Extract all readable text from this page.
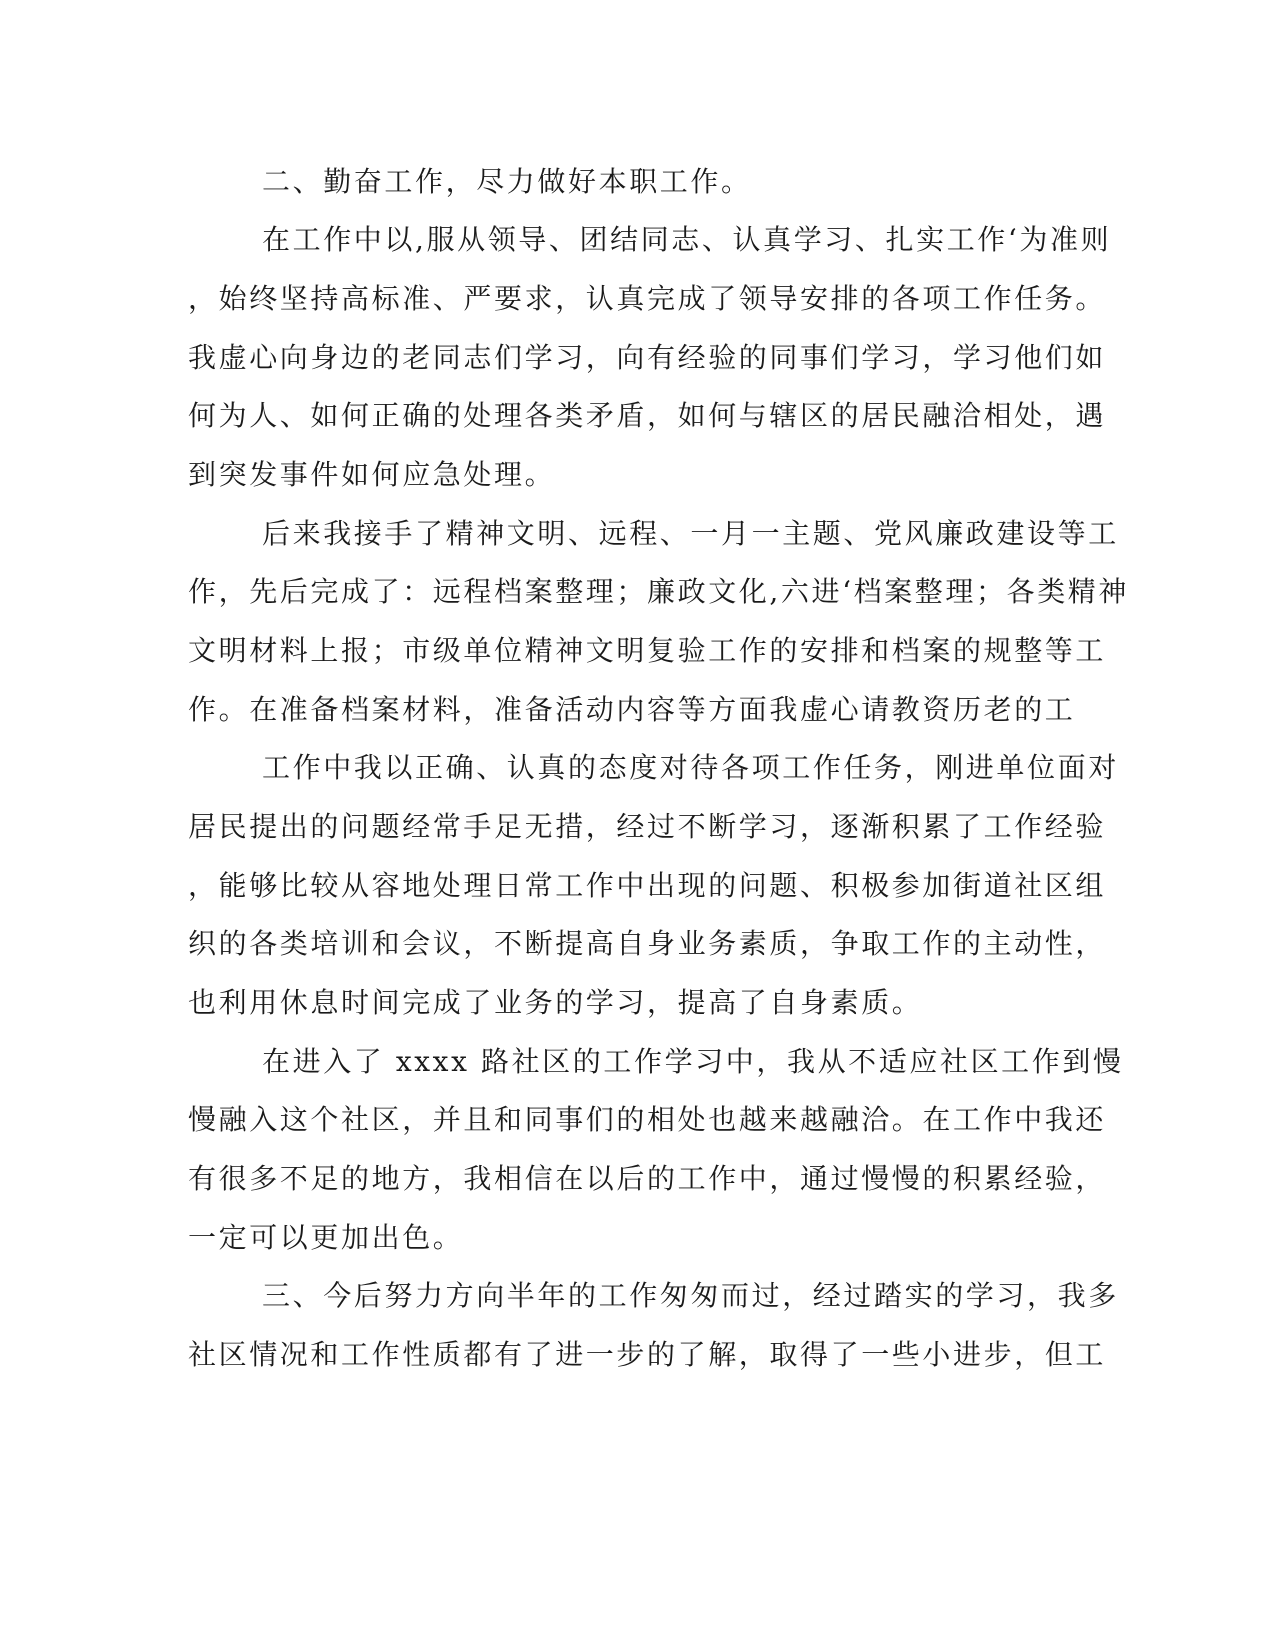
二、勤奋工作，尽力做好本职工作。
在工作中以,服从领导、团结同志、认真学习、扎实工作‘为准则
，始终坚持高标准、严要求，认真完成了领导安排的各项工作任务。
我虚心向身边的老同志们学习，向有经验的同事们学习，学习他们如
何为人、如何正确的处理各类矛盾，如何与辖区的居民融洽相处，遇
到突发事件如何应急处理。
后来我接手了精神文明、远程、一月一主题、党风廉政建设等工
作，先后完成了：远程档案整理；廉政文化,六进‘档案整理；各类精神
文明材料上报；市级单位精神文明复验工作的安排和档案的规整等工
作。在准备档案材料，准备活动内容等方面我虚心请教资历老的工
工作中我以正确、认真的态度对待各项工作任务，刚进单位面对
居民提出的问题经常手足无措，经过不断学习，逐渐积累了工作经验
，能够比较从容地处理日常工作中出现的问题、积极参加街道社区组
织的各类培训和会议，不断提高自身业务素质，争取工作的主动性，
也利用休息时间完成了业务的学习，提高了自身素质。
在进入了 xxxx 路社区的工作学习中，我从不适应社区工作到慢
慢融入这个社区，并且和同事们的相处也越来越融洽。在工作中我还
有很多不足的地方，我相信在以后的工作中，通过慢慢的积累经验，
一定可以更加出色。
三、今后努力方向半年的工作匆匆而过，经过踏实的学习，我多
社区情况和工作性质都有了进一步的了解，取得了一些小进步，但工
